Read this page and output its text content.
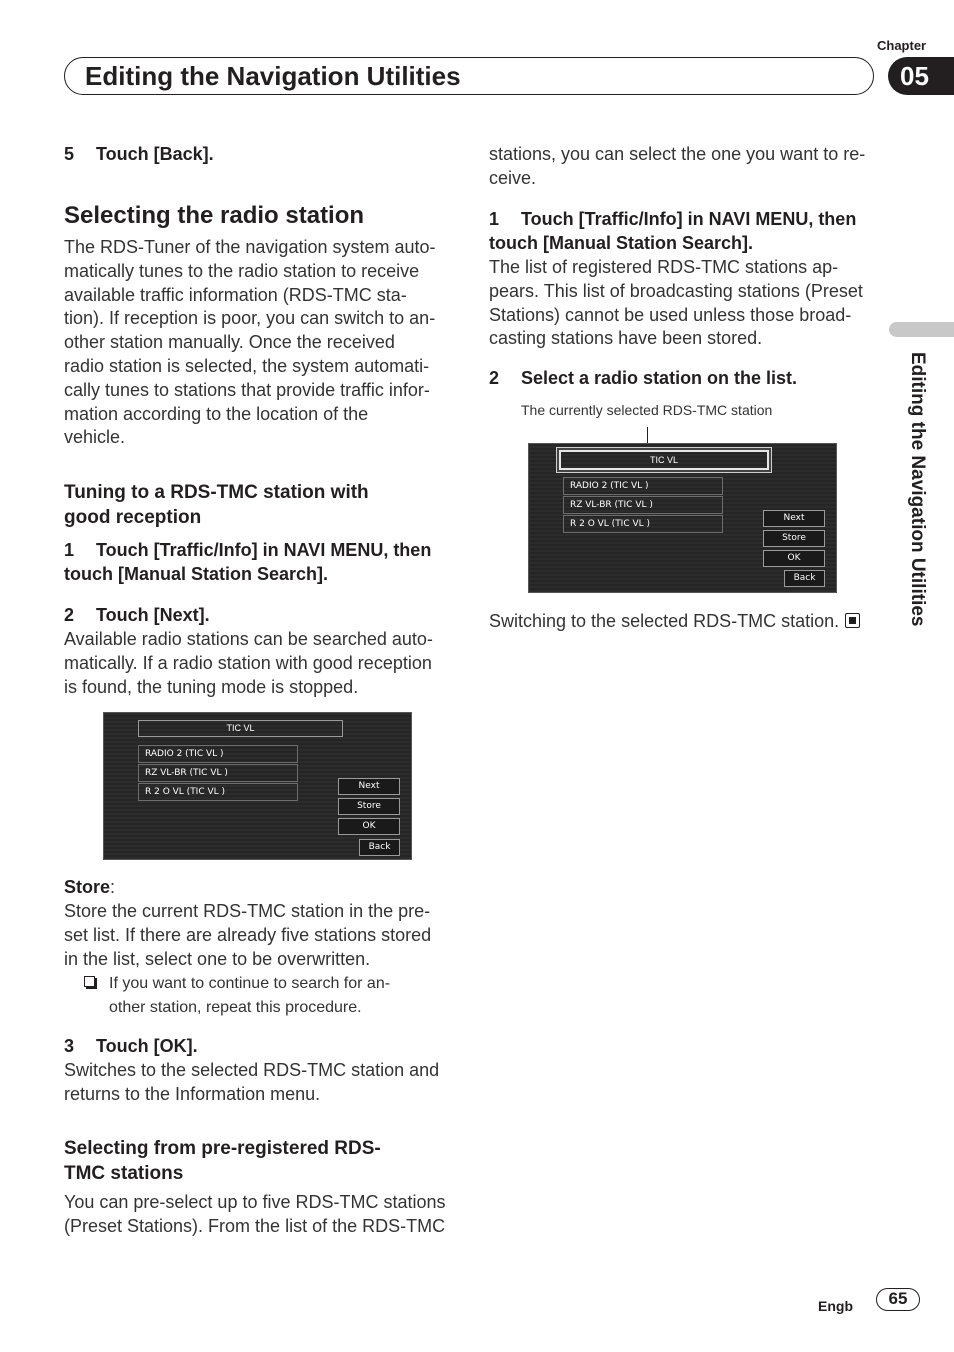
Chapter
05
Editing the Navigation Utilities
Editing the Navigation Utilities
5 Touch [Back].
Selecting the radio station
The RDS-Tuner of the navigation system auto-
matically tunes to the radio station to receive
available traffic information (RDS-TMC sta-
tion). If reception is poor, you can switch to an-
other station manually. Once the received
radio station is selected, the system automati-
cally tunes to stations that provide traffic infor-
mation according to the location of the
vehicle.
Tuning to a RDS-TMC station with
good reception
1 Touch [Traffic/Info] in NAVI MENU, then
touch [Manual Station Search].
2 Touch [Next].
Available radio stations can be searched auto-
matically. If a radio station with good reception
is found, the tuning mode is stopped.
TIC VL
RADIO 2 (TIC VL )
RZ VL-BR (TIC VL )
R 2 O VL (TIC VL )
Next
Store
OK
Back
Store:
Store the current RDS-TMC station in the pre-
set list. If there are already five stations stored
in the list, select one to be overwritten.
If you want to continue to search for an-
other station, repeat this procedure.
3 Touch [OK].
Switches to the selected RDS-TMC station and
returns to the Information menu.
Selecting from pre-registered RDS-
TMC stations
You can pre-select up to five RDS-TMC stations
(Preset Stations). From the list of the RDS-TMC
stations, you can select the one you want to re-
ceive.
1 Touch [Traffic/Info] in NAVI MENU, then
touch [Manual Station Search].
The list of registered RDS-TMC stations ap-
pears. This list of broadcasting stations (Preset
Stations) cannot be used unless those broad-
casting stations have been stored.
2 Select a radio station on the list.
The currently selected RDS-TMC station
TIC VL
RADIO 2 (TIC VL )
RZ VL-BR (TIC VL )
R 2 O VL (TIC VL )
Next
Store
OK
Back
Switching to the selected RDS-TMC station.
Engb	65
